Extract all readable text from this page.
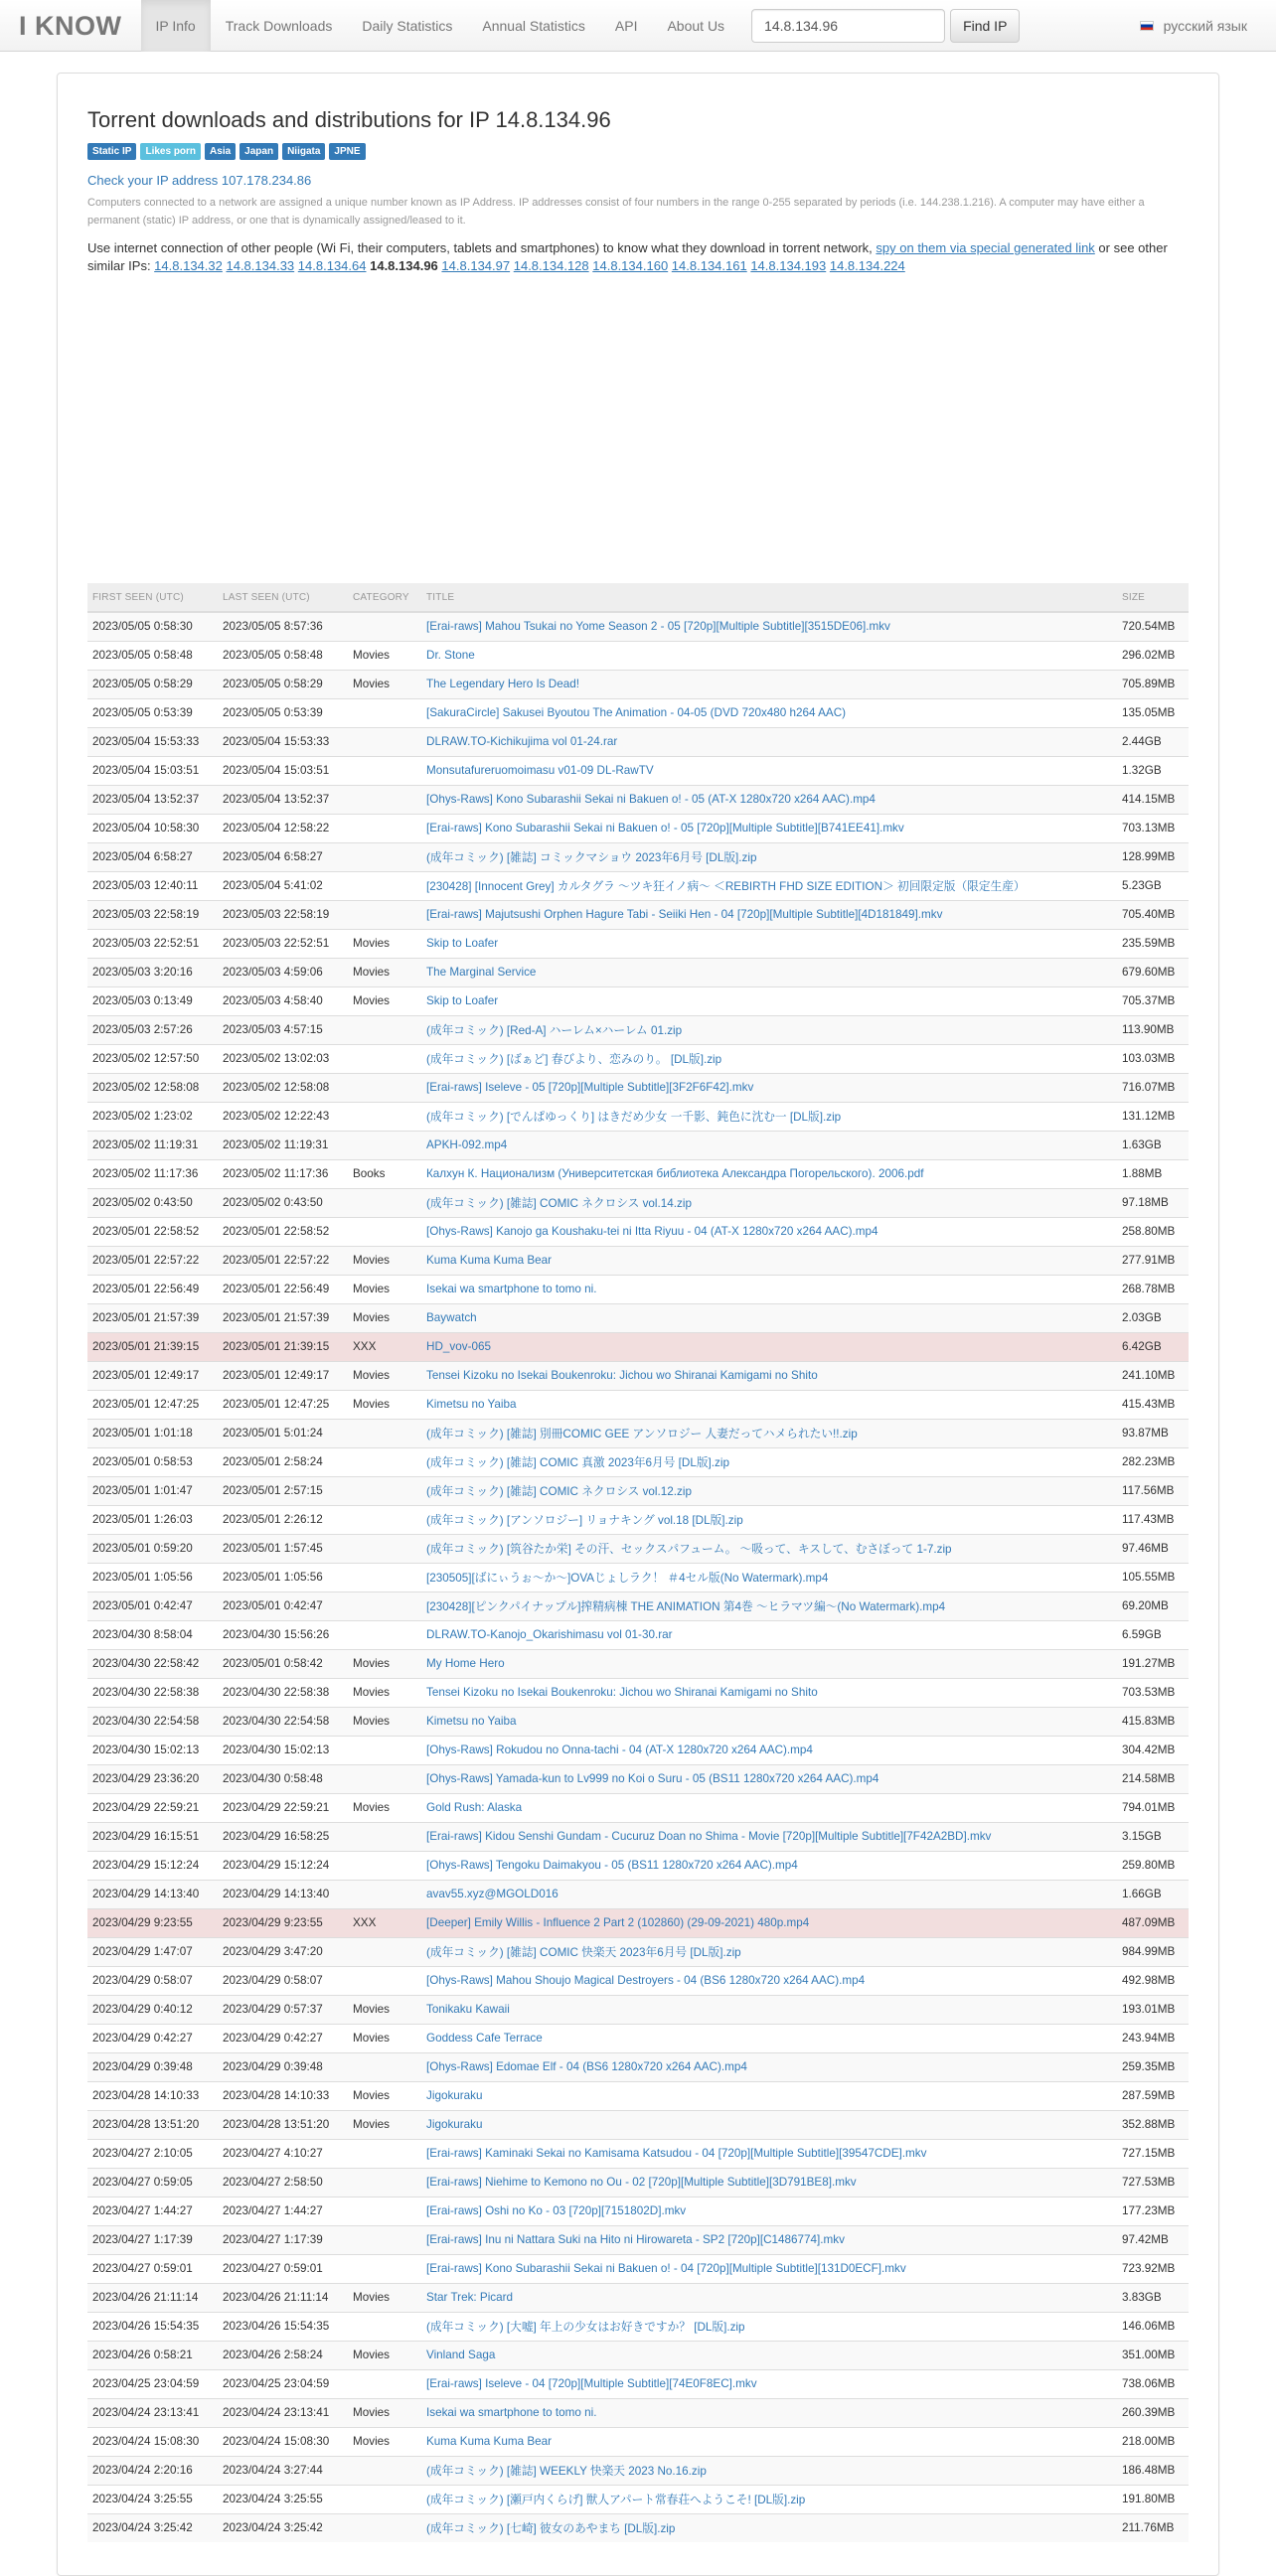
I KNOW	IP Info	Track Downloads	Daily Statistics	Annual Statistics	API	About Us
14.8.134.96	Find IP	русский язык
Torrent downloads and distributions for IP 14.8.134.96
Static IP	Likes porn	Asia	Japan	Niigata	JPNE
Check your IP address 107.178.234.86

Computers connected to a network are assigned a unique number known as IP Address. IP addresses consist of four numbers in the range 0-255 separated by periods (i.e. 144.238.1.216). A computer may have either a permanent (static) IP address, or one that is dynamically assigned/leased to it.

Use internet connection of other people (Wi Fi, their computers, tablets and smartphones) to know what they download in torrent network, spy on them via special generated link or see other similar IPs: 14.8.134.32 14.8.134.33 14.8.134.64 14.8.134.96 14.8.134.97 14.8.134.128 14.8.134.160 14.8.134.161 14.8.134.193 14.8.134.224

FIRST SEEN (UTC)	LAST SEEN (UTC)	CATEGORY	TITLE	SIZE
2023/05/05 0:58:30	2023/05/05 8:57:36		[Erai-raws] Mahou Tsukai no Yome Season 2 - 05 [720p][Multiple Subtitle][3515DE06].mkv	720.54MB
2023/05/05 0:58:48	2023/05/05 0:58:48	Movies	Dr. Stone	296.02MB
2023/05/05 0:58:29	2023/05/05 0:58:29	Movies	The Legendary Hero Is Dead!	705.89MB
2023/05/05 0:53:39	2023/05/05 0:53:39		[SakuraCircle] Sakusei Byoutou The Animation - 04-05 (DVD 720x480 h264 AAC)	135.05MB
2023/05/04 15:53:33	2023/05/04 15:53:33		DLRAW.TO-Kichikujima vol 01-24.rar	2.44GB
2023/05/04 15:03:51	2023/05/04 15:03:51		Monsutafureruomoimasu v01-09 DL-RawTV	1.32GB
2023/05/04 13:52:37	2023/05/04 13:52:37		[Ohys-Raws] Kono Subarashii Sekai ni Bakuen o! - 05 (AT-X 1280x720 x264 AAC).mp4	414.15MB
2023/05/04 10:58:30	2023/05/04 12:58:22		[Erai-raws] Kono Subarashii Sekai ni Bakuen o! - 05 [720p][Multiple Subtitle][B741EE41].mkv	703.13MB
2023/05/04 6:58:27	2023/05/04 6:58:27		(成年コミック) [雑誌] コミックマショウ 2023年6月号 [DL版].zip	128.99MB
2023/05/03 12:40:11	2023/05/04 5:41:02		[230428] [Innocent Grey] カルタグラ ～ツキ狂イノ病～ ＜REBIRTH FHD SIZE EDITION＞ 初回限定版（限定生産）	5.23GB
2023/05/03 22:58:19	2023/05/03 22:58:19		[Erai-raws] Majutsushi Orphen Hagure Tabi - Seiiki Hen - 04 [720p][Multiple Subtitle][4D181849].mkv	705.40MB
2023/05/03 22:52:51	2023/05/03 22:52:51	Movies	Skip to Loafer	235.59MB
2023/05/03 3:20:16	2023/05/03 4:59:06	Movies	The Marginal Service	679.60MB
2023/05/03 0:13:49	2023/05/03 4:58:40	Movies	Skip to Loafer	705.37MB
2023/05/03 2:57:26	2023/05/03 4:57:15		(成年コミック) [Red-A] ハーレム×ハーレム 01.zip	113.90MB
2023/05/02 12:57:50	2023/05/02 13:02:03		(成年コミック) [ばぁど] 春びより、恋みのり。 [DL版].zip	103.03MB
2023/05/02 12:58:08	2023/05/02 12:58:08		[Erai-raws] Iseleve - 05 [720p][Multiple Subtitle][3F2F6F42].mkv	716.07MB
2023/05/02 1:23:02	2023/05/02 12:22:43		(成年コミック) [でんぱゆっくり] はきだめ少女 一千影、鈍色に沈む一 [DL版].zip	131.12MB
2023/05/02 11:19:31	2023/05/02 11:19:31		APKH-092.mp4	1.63GB
2023/05/02 11:17:36	2023/05/02 11:17:36	Books	Калхун К. Национализм (Университетская библиотека Александра Погорельского). 2006.pdf	1.88MB
2023/05/02 0:43:50	2023/05/02 0:43:50		(成年コミック) [雑誌] COMIC ネクロシス vol.14.zip	97.18MB
2023/05/01 22:58:52	2023/05/01 22:58:52		[Ohys-Raws] Kanojo ga Koushaku-tei ni Itta Riyuu - 04 (AT-X 1280x720 x264 AAC).mp4	258.80MB
2023/05/01 22:57:22	2023/05/01 22:57:22	Movies	Kuma Kuma Kuma Bear	277.91MB
2023/05/01 22:56:49	2023/05/01 22:56:49	Movies	Isekai wa smartphone to tomo ni.	268.78MB
2023/05/01 21:57:39	2023/05/01 21:57:39	Movies	Baywatch	2.03GB
2023/05/01 21:39:15	2023/05/01 21:39:15	XXX	HD_vov-065	6.42GB
2023/05/01 12:49:17	2023/05/01 12:49:17	Movies	Tensei Kizoku no Isekai Boukenroku: Jichou wo Shiranai Kamigami no Shito	241.10MB
2023/05/01 12:47:25	2023/05/01 12:47:25	Movies	Kimetsu no Yaiba	415.43MB
2023/05/01 1:01:18	2023/05/01 5:01:24		(成年コミック) [雑誌] 別冊COMIC GEE アンソロジー 人妻だってハメられたい!!.zip	93.87MB
2023/05/01 0:58:53	2023/05/01 2:58:24		(成年コミック) [雑誌] COMIC 真激 2023年6月号 [DL版].zip	282.23MB
2023/05/01 1:01:47	2023/05/01 2:57:15		(成年コミック) [雑誌] COMIC ネクロシス vol.12.zip	117.56MB
2023/05/01 1:26:03	2023/05/01 2:26:12		(成年コミック) [アンソロジー] リョナキング vol.18 [DL版].zip	117.43MB
2023/05/01 0:59:20	2023/05/01 1:57:45		(成年コミック) [筑谷たか栄] その汗、セックスパフューム。 ～吸って、キスして、むさぼって 1-7.zip	97.46MB
2023/05/01 1:05:56	2023/05/01 1:05:56		[230505][ばにぃうぉ～か～]OVAじょしラク！ ＃4セル版(No Watermark).mp4	105.55MB
2023/05/01 0:42:47	2023/05/01 0:42:47		[230428][ピンクパイナップル]搾精病棟 THE ANIMATION 第4巻 ～ヒラマツ編～(No Watermark).mp4	69.20MB
2023/04/30 8:58:04	2023/04/30 15:56:26		DLRAW.TO-Kanojo_Okarishimasu vol 01-30.rar	6.59GB
2023/04/30 22:58:42	2023/05/01 0:58:42	Movies	My Home Hero	191.27MB
2023/04/30 22:58:38	2023/04/30 22:58:38	Movies	Tensei Kizoku no Isekai Boukenroku: Jichou wo Shiranai Kamigami no Shito	703.53MB
2023/04/30 22:54:58	2023/04/30 22:54:58	Movies	Kimetsu no Yaiba	415.83MB
2023/04/30 15:02:13	2023/04/30 15:02:13		[Ohys-Raws] Rokudou no Onna-tachi - 04 (AT-X 1280x720 x264 AAC).mp4	304.42MB
2023/04/29 23:36:20	2023/04/30 0:58:48		[Ohys-Raws] Yamada-kun to Lv999 no Koi o Suru - 05 (BS11 1280x720 x264 AAC).mp4	214.58MB
2023/04/29 22:59:21	2023/04/29 22:59:21	Movies	Gold Rush: Alaska	794.01MB
2023/04/29 16:15:51	2023/04/29 16:58:25		[Erai-raws] Kidou Senshi Gundam - Cucuruz Doan no Shima - Movie [720p][Multiple Subtitle][7F42A2BD].mkv	3.15GB
2023/04/29 15:12:24	2023/04/29 15:12:24		[Ohys-Raws] Tengoku Daimakyou - 05 (BS11 1280x720 x264 AAC).mp4	259.80MB
2023/04/29 14:13:40	2023/04/29 14:13:40		avav55.xyz@MGOLD016	1.66GB
2023/04/29 9:23:55	2023/04/29 9:23:55	XXX	[Deeper] Emily Willis - Influence 2 Part 2 (102860) (29-09-2021) 480p.mp4	487.09MB
2023/04/29 1:47:07	2023/04/29 3:47:20		(成年コミック) [雑誌] COMIC 快楽天 2023年6月号 [DL版].zip	984.99MB
2023/04/29 0:58:07	2023/04/29 0:58:07		[Ohys-Raws] Mahou Shoujo Magical Destroyers - 04 (BS6 1280x720 x264 AAC).mp4	492.98MB
2023/04/29 0:40:12	2023/04/29 0:57:37	Movies	Tonikaku Kawaii	193.01MB
2023/04/29 0:42:27	2023/04/29 0:42:27	Movies	Goddess Cafe Terrace	243.94MB
2023/04/29 0:39:48	2023/04/29 0:39:48		[Ohys-Raws] Edomae Elf - 04 (BS6 1280x720 x264 AAC).mp4	259.35MB
2023/04/28 14:10:33	2023/04/28 14:10:33	Movies	Jigokuraku	287.59MB
2023/04/28 13:51:20	2023/04/28 13:51:20	Movies	Jigokuraku	352.88MB
2023/04/27 2:10:05	2023/04/27 4:10:27		[Erai-raws] Kaminaki Sekai no Kamisama Katsudou - 04 [720p][Multiple Subtitle][39547CDE].mkv	727.15MB
2023/04/27 0:59:05	2023/04/27 2:58:50		[Erai-raws] Niehime to Kemono no Ou - 02 [720p][Multiple Subtitle][3D791BE8].mkv	727.53MB
2023/04/27 1:44:27	2023/04/27 1:44:27		[Erai-raws] Oshi no Ko - 03 [720p][7151802D].mkv	177.23MB
2023/04/27 1:17:39	2023/04/27 1:17:39		[Erai-raws] Inu ni Nattara Suki na Hito ni Hirowareta - SP2 [720p][C1486774].mkv	97.42MB
2023/04/27 0:59:01	2023/04/27 0:59:01		[Erai-raws] Kono Subarashii Sekai ni Bakuen o! - 04 [720p][Multiple Subtitle][131D0ECF].mkv	723.92MB
2023/04/26 21:11:14	2023/04/26 21:11:14	Movies	Star Trek: Picard	3.83GB
2023/04/26 15:54:35	2023/04/26 15:54:35		(成年コミック) [大嘘] 年上の少女はお好きですか？ [DL版].zip	146.06MB
2023/04/26 0:58:21	2023/04/26 2:58:24	Movies	Vinland Saga	351.00MB
2023/04/25 23:04:59	2023/04/25 23:04:59		[Erai-raws] Iseleve - 04 [720p][Multiple Subtitle][74E0F8EC].mkv	738.06MB
2023/04/24 23:13:41	2023/04/24 23:13:41	Movies	Isekai wa smartphone to tomo ni.	260.39MB
2023/04/24 15:08:30	2023/04/24 15:08:30	Movies	Kuma Kuma Kuma Bear	218.00MB
2023/04/24 2:20:16	2023/04/24 3:27:44		(成年コミック) [雑誌] WEEKLY 快楽天 2023 No.16.zip	186.48MB
2023/04/24 3:25:55	2023/04/24 3:25:55		(成年コミック) [瀬戸内くらげ] 獣人アパート常春荘へようこそ! [DL版].zip	191.80MB
2023/04/24 3:25:42	2023/04/24 3:25:42		(成年コミック) [七崎] 彼女のあやまち [DL版].zip	211.76MB
